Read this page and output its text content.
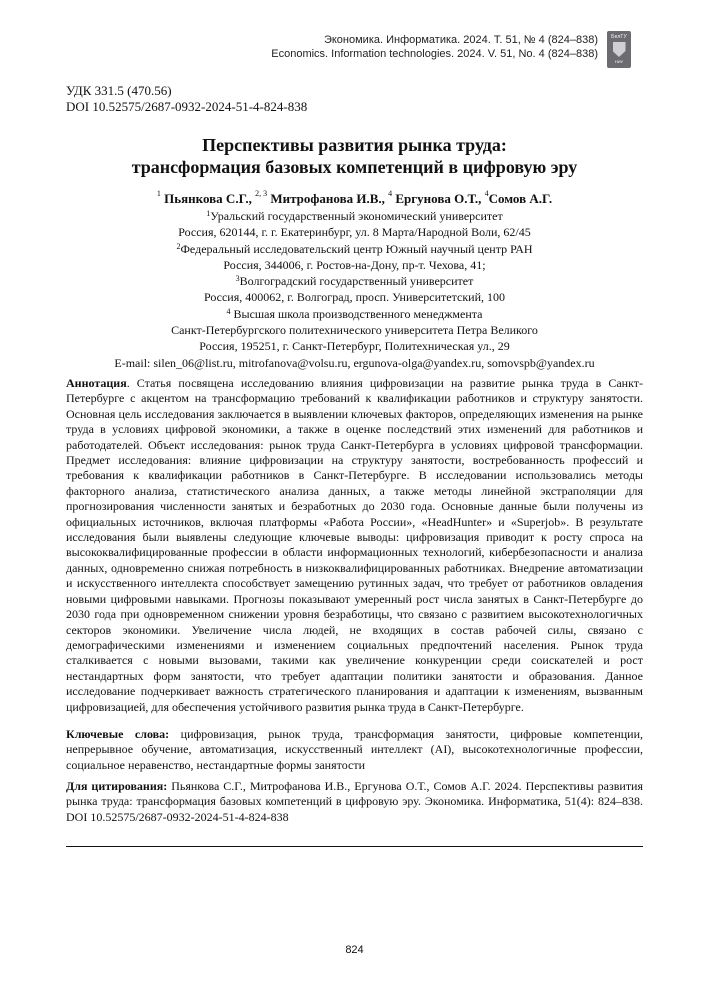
Экономика. Информатика. 2024. Т. 51, № 4 (824–838)
Economics. Information technologies. 2024. V. 51, No. 4 (824–838)
БелГУ
НИУ
УДК 331.5 (470.56)
DOI 10.52575/2687-0932-2024-51-4-824-838
Перспективы развития рынка труда:
трансформация базовых компетенций в цифровую эру
$^1$ Пьянкова С.Г., $^{2, 3}$ Митрофанова И.В., $^4$ Ергунова О.Т., $^4$Сомов А.Г.
$^1$Уральский государственный экономический университет
Россия, 620144, г. г. Екатеринбург, ул. 8 Марта/Народной Воли, 62/45
$^2$Федеральный исследовательский центр Южный научный центр РАН
Россия, 344006, г. Ростов-на-Дону, пр-т. Чехова, 41;
$^3$Волгоградский государственный университет
Россия, 400062, г. Волгоград, просп. Университетский, 100
$^4$ Высшая школа производственного менеджмента
Санкт-Петербургского политехнического университета Петра Великого
Россия, 195251, г. Санкт-Петербург, Политехническая ул., 29
E-mail: silen_06@list.ru, mitrofanova@volsu.ru, ergunova-olga@yandex.ru, somovspb@yandex.ru
Аннотация. Статья посвящена исследованию влияния цифровизации на развитие рынка труда в Санкт-Петербурге с акцентом на трансформацию требований к квалификации работников и структуру занятости. Основная цель исследования заключается в выявлении ключевых факторов, определяющих изменения на рынке труда в условиях цифровой экономики, а также в оценке последствий этих изменений для работников и работодателей. Объект исследования: рынок труда Санкт-Петербурга в условиях цифровой трансформации. Предмет исследования: влияние цифровизации на структуру занятости, востребованность профессий и требования к квалификации работников в Санкт-Петербурге. В исследовании использовались методы факторного анализа, статистического анализа данных, а также методы линейной экстраполяции для прогнозирования численности занятых и безработных до 2030 года. Основные данные были получены из официальных источников, включая платформы «Работа России», «HeadHunter» и «Superjob». В результате исследования были выявлены следующие ключевые выводы: цифровизация приводит к росту спроса на высококвалифицированные профессии в области информационных технологий, кибербезопасности и анализа данных, одновременно снижая потребность в низкоквалифицированных работниках. Внедрение автоматизации и искусственного интеллекта способствует замещению рутинных задач, что требует от работников овладения новыми цифровыми навыками. Прогнозы показывают умеренный рост числа занятых в Санкт-Петербурге до 2030 года при одновременном снижении уровня безработицы, что связано с развитием высокотехнологичных секторов экономики. Увеличение числа людей, не входящих в состав рабочей силы, связано с демографическими изменениями и изменением социальных предпочтений населения. Рынок труда сталкивается с новыми вызовами, такими как увеличение конкуренции среди соискателей и рост нестандартных форм занятости, что требует адаптации политики занятости и образования. Данное исследование подчеркивает важность стратегического планирования и адаптации к изменениям, вызванным цифровизацией, для обеспечения устойчивого развития рынка труда в Санкт-Петербурге.
Ключевые слова: цифровизация, рынок труда, трансформация занятости, цифровые компетенции, непрерывное обучение, автоматизация, искусственный интеллект (AI), высокотехнологичные профессии, социальное неравенство, нестандартные формы занятости
Для цитирования: Пьянкова С.Г., Митрофанова И.В., Ергунова О.Т., Сомов А.Г. 2024. Перспективы развития рынка труда: трансформация базовых компетенций в цифровую эру. Экономика. Информатика, 51(4): 824–838. DOI 10.52575/2687-0932-2024-51-4-824-838
824
